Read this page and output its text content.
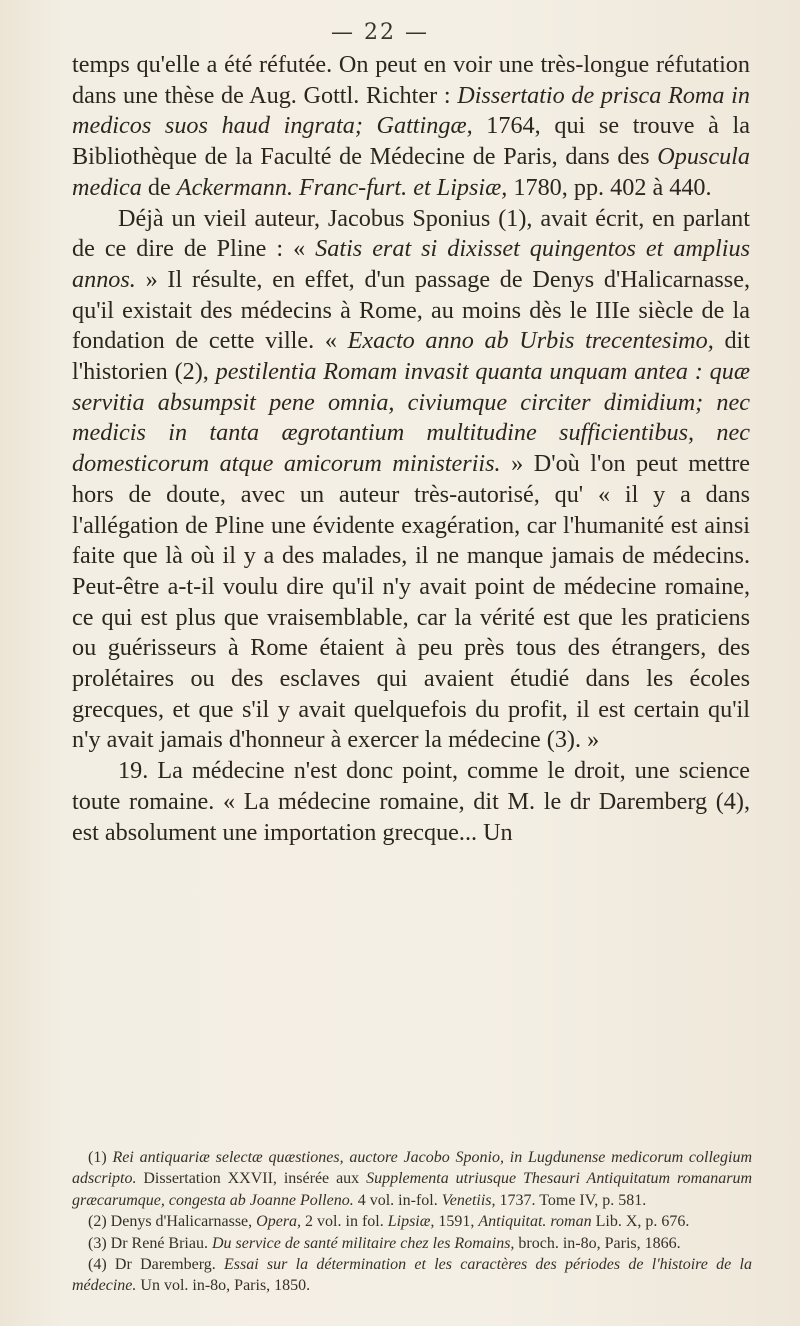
— 22 —

temps qu'elle a été réfutée. On peut en voir une très-longue réfutation dans une thèse de Aug. Gottl. Richter : Dissertatio de prisca Roma in medicos suos haud ingrata; Gattingæ, 1764, qui se trouve à la Bibliothèque de la Faculté de Médecine de Paris, dans des Opuscula medica de Ackermann. Franc-furt. et Lipsiæ, 1780, pp. 402 à 440.

Déjà un vieil auteur, Jacobus Sponius (1), avait écrit, en parlant de ce dire de Pline : « Satis erat si dixisset quingentos et amplius annos. » Il résulte, en effet, d'un passage de Denys d'Halicarnasse, qu'il existait des médecins à Rome, au moins dès le IIIe siècle de la fondation de cette ville. « Exacto anno ab Urbis trecentesimo, dit l'historien (2), pestilentia Romam invasit quanta unquam antea : quæ servitia absumpsit pene omnia, civiumque circiter dimidium; nec medicis in tanta ægrotantium multitudine sufficientibus, nec domesticorum atque amicorum ministeriis. » D'où l'on peut mettre hors de doute, avec un auteur très-autorisé, qu' « il y a dans l'allégation de Pline une évidente exagération, car l'humanité est ainsi faite que là où il y a des malades, il ne manque jamais de médecins. Peut-être a-t-il voulu dire qu'il n'y avait point de médecine romaine, ce qui est plus que vraisemblable, car la vérité est que les praticiens ou guérisseurs à Rome étaient à peu près tous des étrangers, des prolétaires ou des esclaves qui avaient étudié dans les écoles grecques, et que s'il y avait quelquefois du profit, il est certain qu'il n'y avait jamais d'honneur à exercer la médecine (3). »

19. La médecine n'est donc point, comme le droit, une science toute romaine. « La médecine romaine, dit M. le dr Daremberg (4), est absolument une importation grecque... Un

(1) Rei antiquariæ selectæ quæstiones, auctore Jacobo Sponio, in Lugdunense medicorum collegium adscripto. Dissertation XXVII, insérée aux Supplementa utriusque Thesauri Antiquitatum romanarum græcarumque, congesta ab Joanne Polleno. 4 vol. in-fol. Venetiis, 1737. Tome IV, p. 581.

(2) Denys d'Halicarnasse, Opera, 2 vol. in fol. Lipsiæ, 1591, Antiquitat. roman Lib. X, p. 676.

(3) Dr René Briau. Du service de santé militaire chez les Romains, broch. in-8o, Paris, 1866.

(4) Dr Daremberg. Essai sur la détermination et les caractères des périodes de l'histoire de la médecine. Un vol. in-8o, Paris, 1850.
